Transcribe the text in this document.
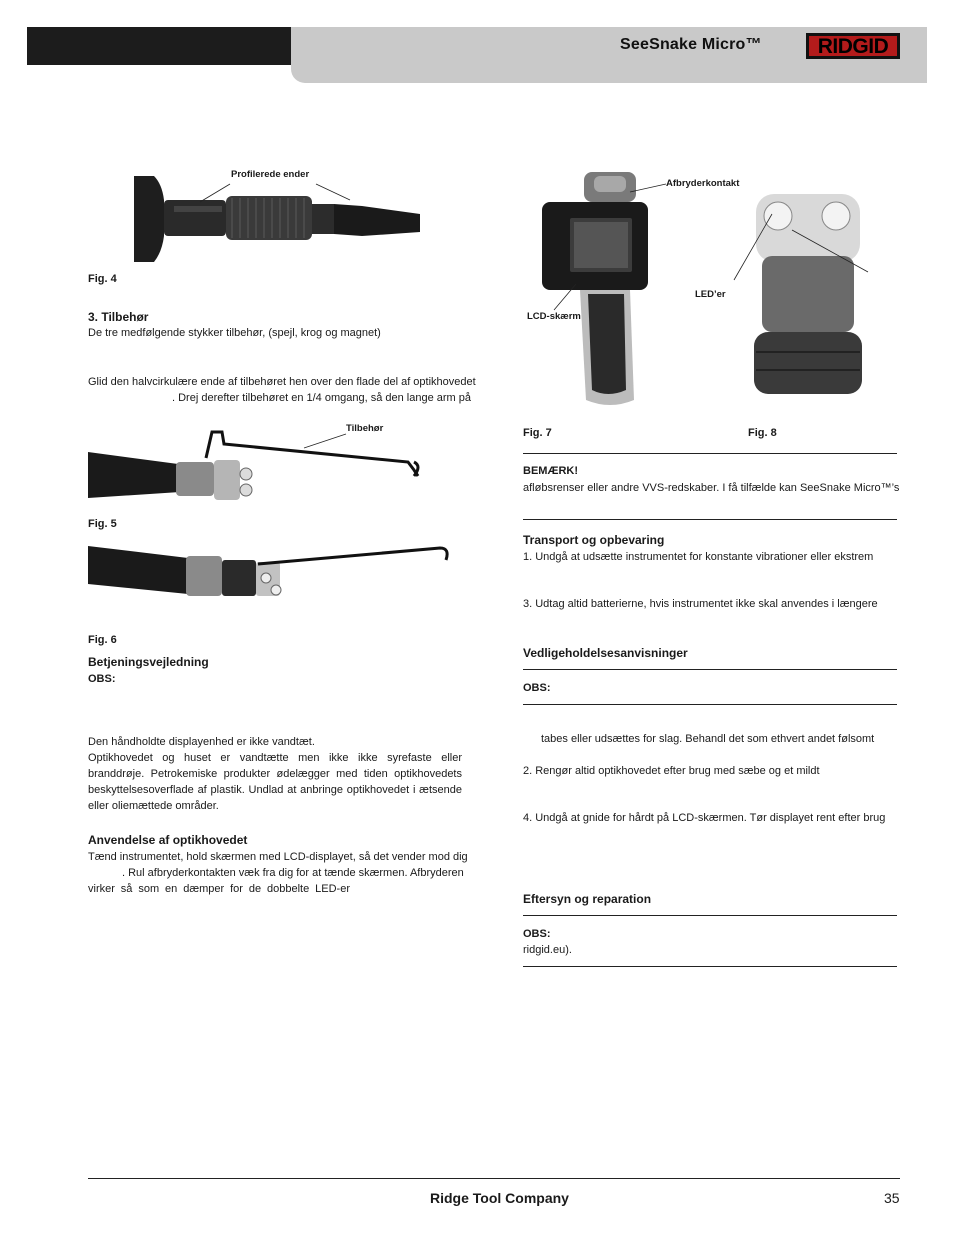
SeeSnake Micro™	RIDGID
Profilerede ender
Fig. 4
3. Tilbehør
De tre medfølgende stykker tilbehør, (spejl, krog og magnet)
Glid den halvcirkulære ende af tilbehøret hen over den flade del af optikhovedet
. Drej derefter tilbehøret en 1/4 omgang, så den lange arm på
Tilbehør
Fig. 5
Fig. 6
Betjeningsvejledning
OBS:
Den håndholdte displayenhed er ikke vandtæt.
Optikhovedet og huset er vandtætte men ikke ikke syrefaste eller
branddrøje. Petrokemiske produkter ødelægger med tiden optikhovedets
beskyttelsesoverflade af plastik. Undlad at anbringe optikhovedet i ætsende
eller oliemættede områder.
Anvendelse af optikhovedet
Tænd instrumentet, hold skærmen med LCD-displayet, så det vender mod dig
. Rul afbryderkontakten væk fra dig for at tænde skærmen. Afbryderen
virker så som en dæmper for de dobbelte LED-er
Afbryderkontakt
LCD-skærm
Fig. 7
LED’er
Fig. 8
BEMÆRK!
afløbsrenser eller andre VVS-redskaber. I få tilfælde kan SeeSnake Micro™’s
Transport og opbevaring
1. Undgå at udsætte instrumentet for konstante vibrationer eller ekstrem
3. Udtag altid batterierne, hvis instrumentet ikke skal anvendes i længere
Vedligeholdelsesanvisninger
OBS:
tabes eller udsættes for slag. Behandl det som ethvert andet følsomt
2. Rengør altid optikhovedet efter brug med sæbe og et mildt
4. Undgå at gnide for hårdt på LCD-skærmen. Tør displayet rent efter brug
Eftersyn og reparation
OBS:
ridgid.eu).
Ridge Tool Company	35
